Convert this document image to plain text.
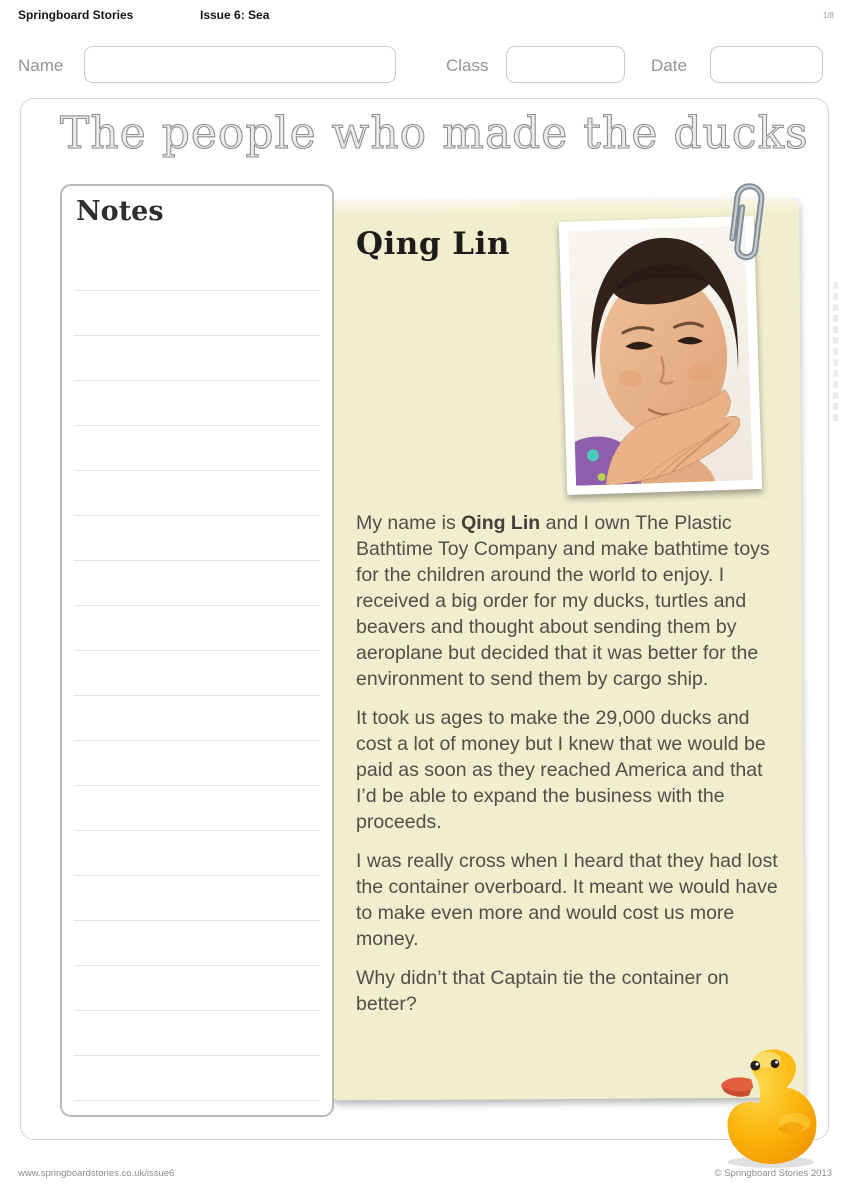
Springboard Stories	Issue 6: Sea	1/8
Name	Class	Date
The people who made the ducks
Notes
Qing Lin

My name is Qing Lin and I own The Plastic Bathtime Toy Company and make bathtime toys for the children around the world to enjoy. I received a big order for my ducks, turtles and beavers and thought about sending them by aeroplane but decided that it was better for the environment to send them by cargo ship.

It took us ages to make the 29,000 ducks and cost a lot of money but I knew that we would be paid as soon as they reached America and that I’d be able to expand the business with the proceeds.

I was really cross when I heard that they had lost the container overboard. It meant we would have to make even more and would cost us more money.

Why didn’t that Captain tie the container on better?

www.springboardstories.co.uk/issue6	© Springboard Stories 2013
